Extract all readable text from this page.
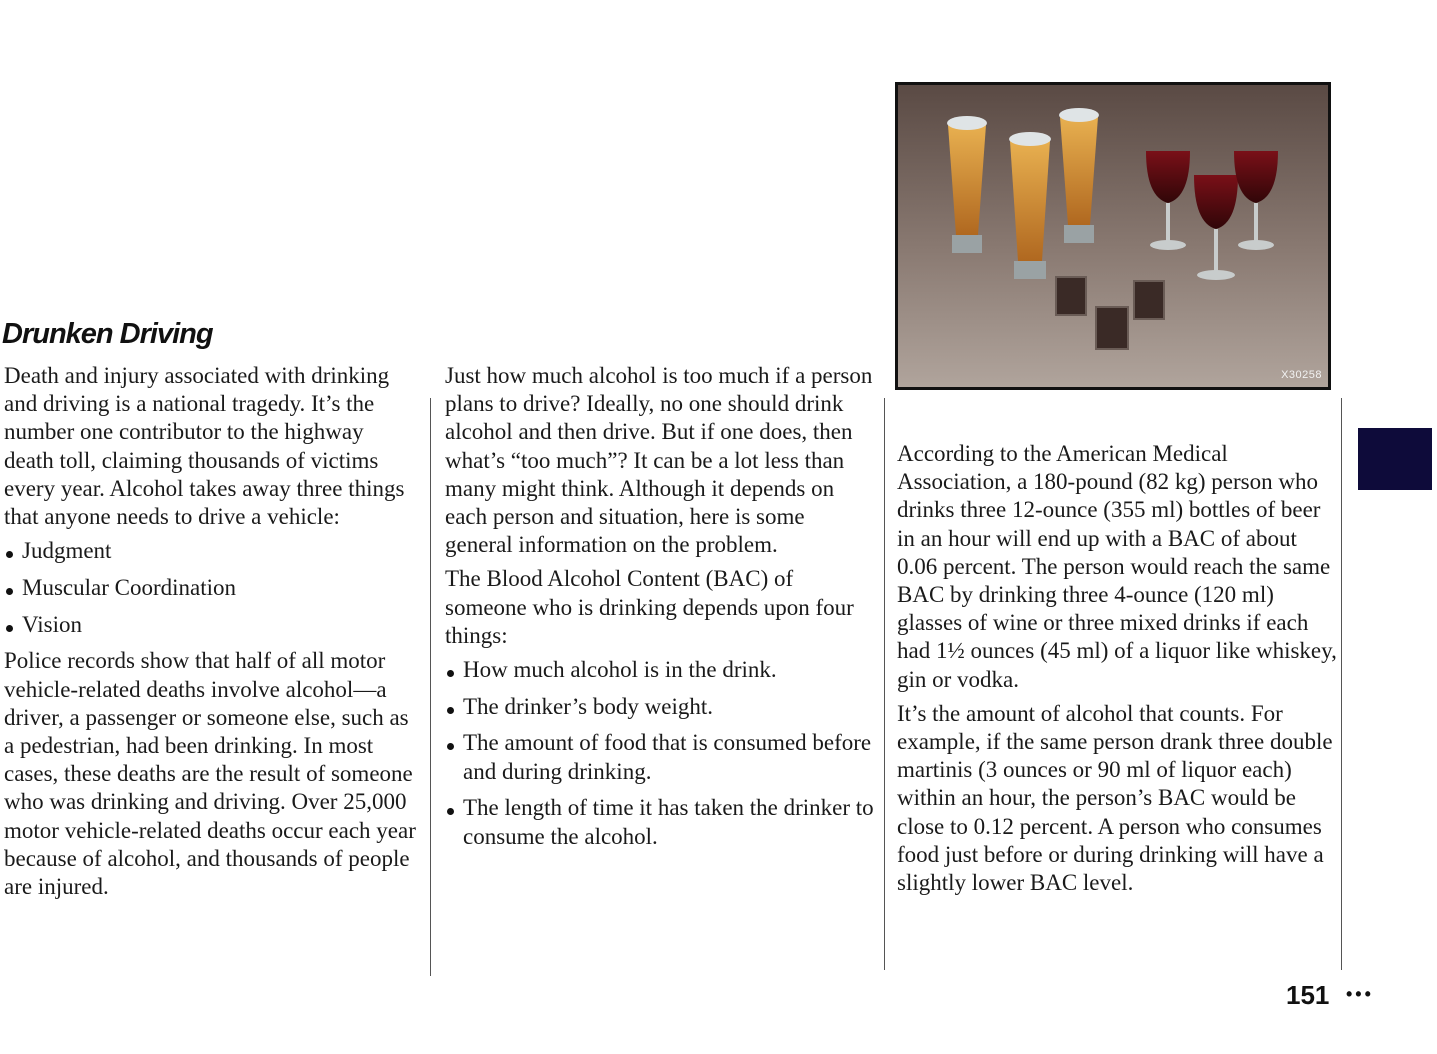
Drunken Driving

Death and injury associated with drinking and driving is a national tragedy. It’s the number one contributor to the highway death toll, claiming thousands of victims every year. Alcohol takes away three things that anyone needs to drive a vehicle:

Judgment
Muscular Coordination
Vision

Police records show that half of all motor vehicle-related deaths involve alcohol—a driver, a passenger or someone else, such as a pedestrian, had been drinking. In most cases, these deaths are the result of someone who was drinking and driving. Over 25,000 motor vehicle-related deaths occur each year because of alcohol, and thousands of people are injured.

Just how much alcohol is too much if a person plans to drive? Ideally, no one should drink alcohol and then drive. But if one does, then what’s “too much”? It can be a lot less than many might think. Although it depends on each person and situation, here is some general information on the problem.

The Blood Alcohol Content (BAC) of someone who is drinking depends upon four things:

How much alcohol is in the drink.
The drinker’s body weight.
The amount of food that is consumed before and during drinking.
The length of time it has taken the drinker to consume the alcohol.
X30258

According to the American Medical Association, a 180-pound (82 kg) person who drinks three 12-ounce (355 ml) bottles of beer in an hour will end up with a BAC of about 0.06 percent. The person would reach the same BAC by drinking three 4-ounce (120 ml) glasses of wine or three mixed drinks if each had 1½ ounces (45 ml) of a liquor like whiskey, gin or vodka.

It’s the amount of alcohol that counts. For example, if the same person drank three double martinis (3 ounces or 90 ml of liquor each) within an hour, the person’s BAC would be close to 0.12 percent. A person who consumes food just before or during drinking will have a slightly lower BAC level.

151 •••
